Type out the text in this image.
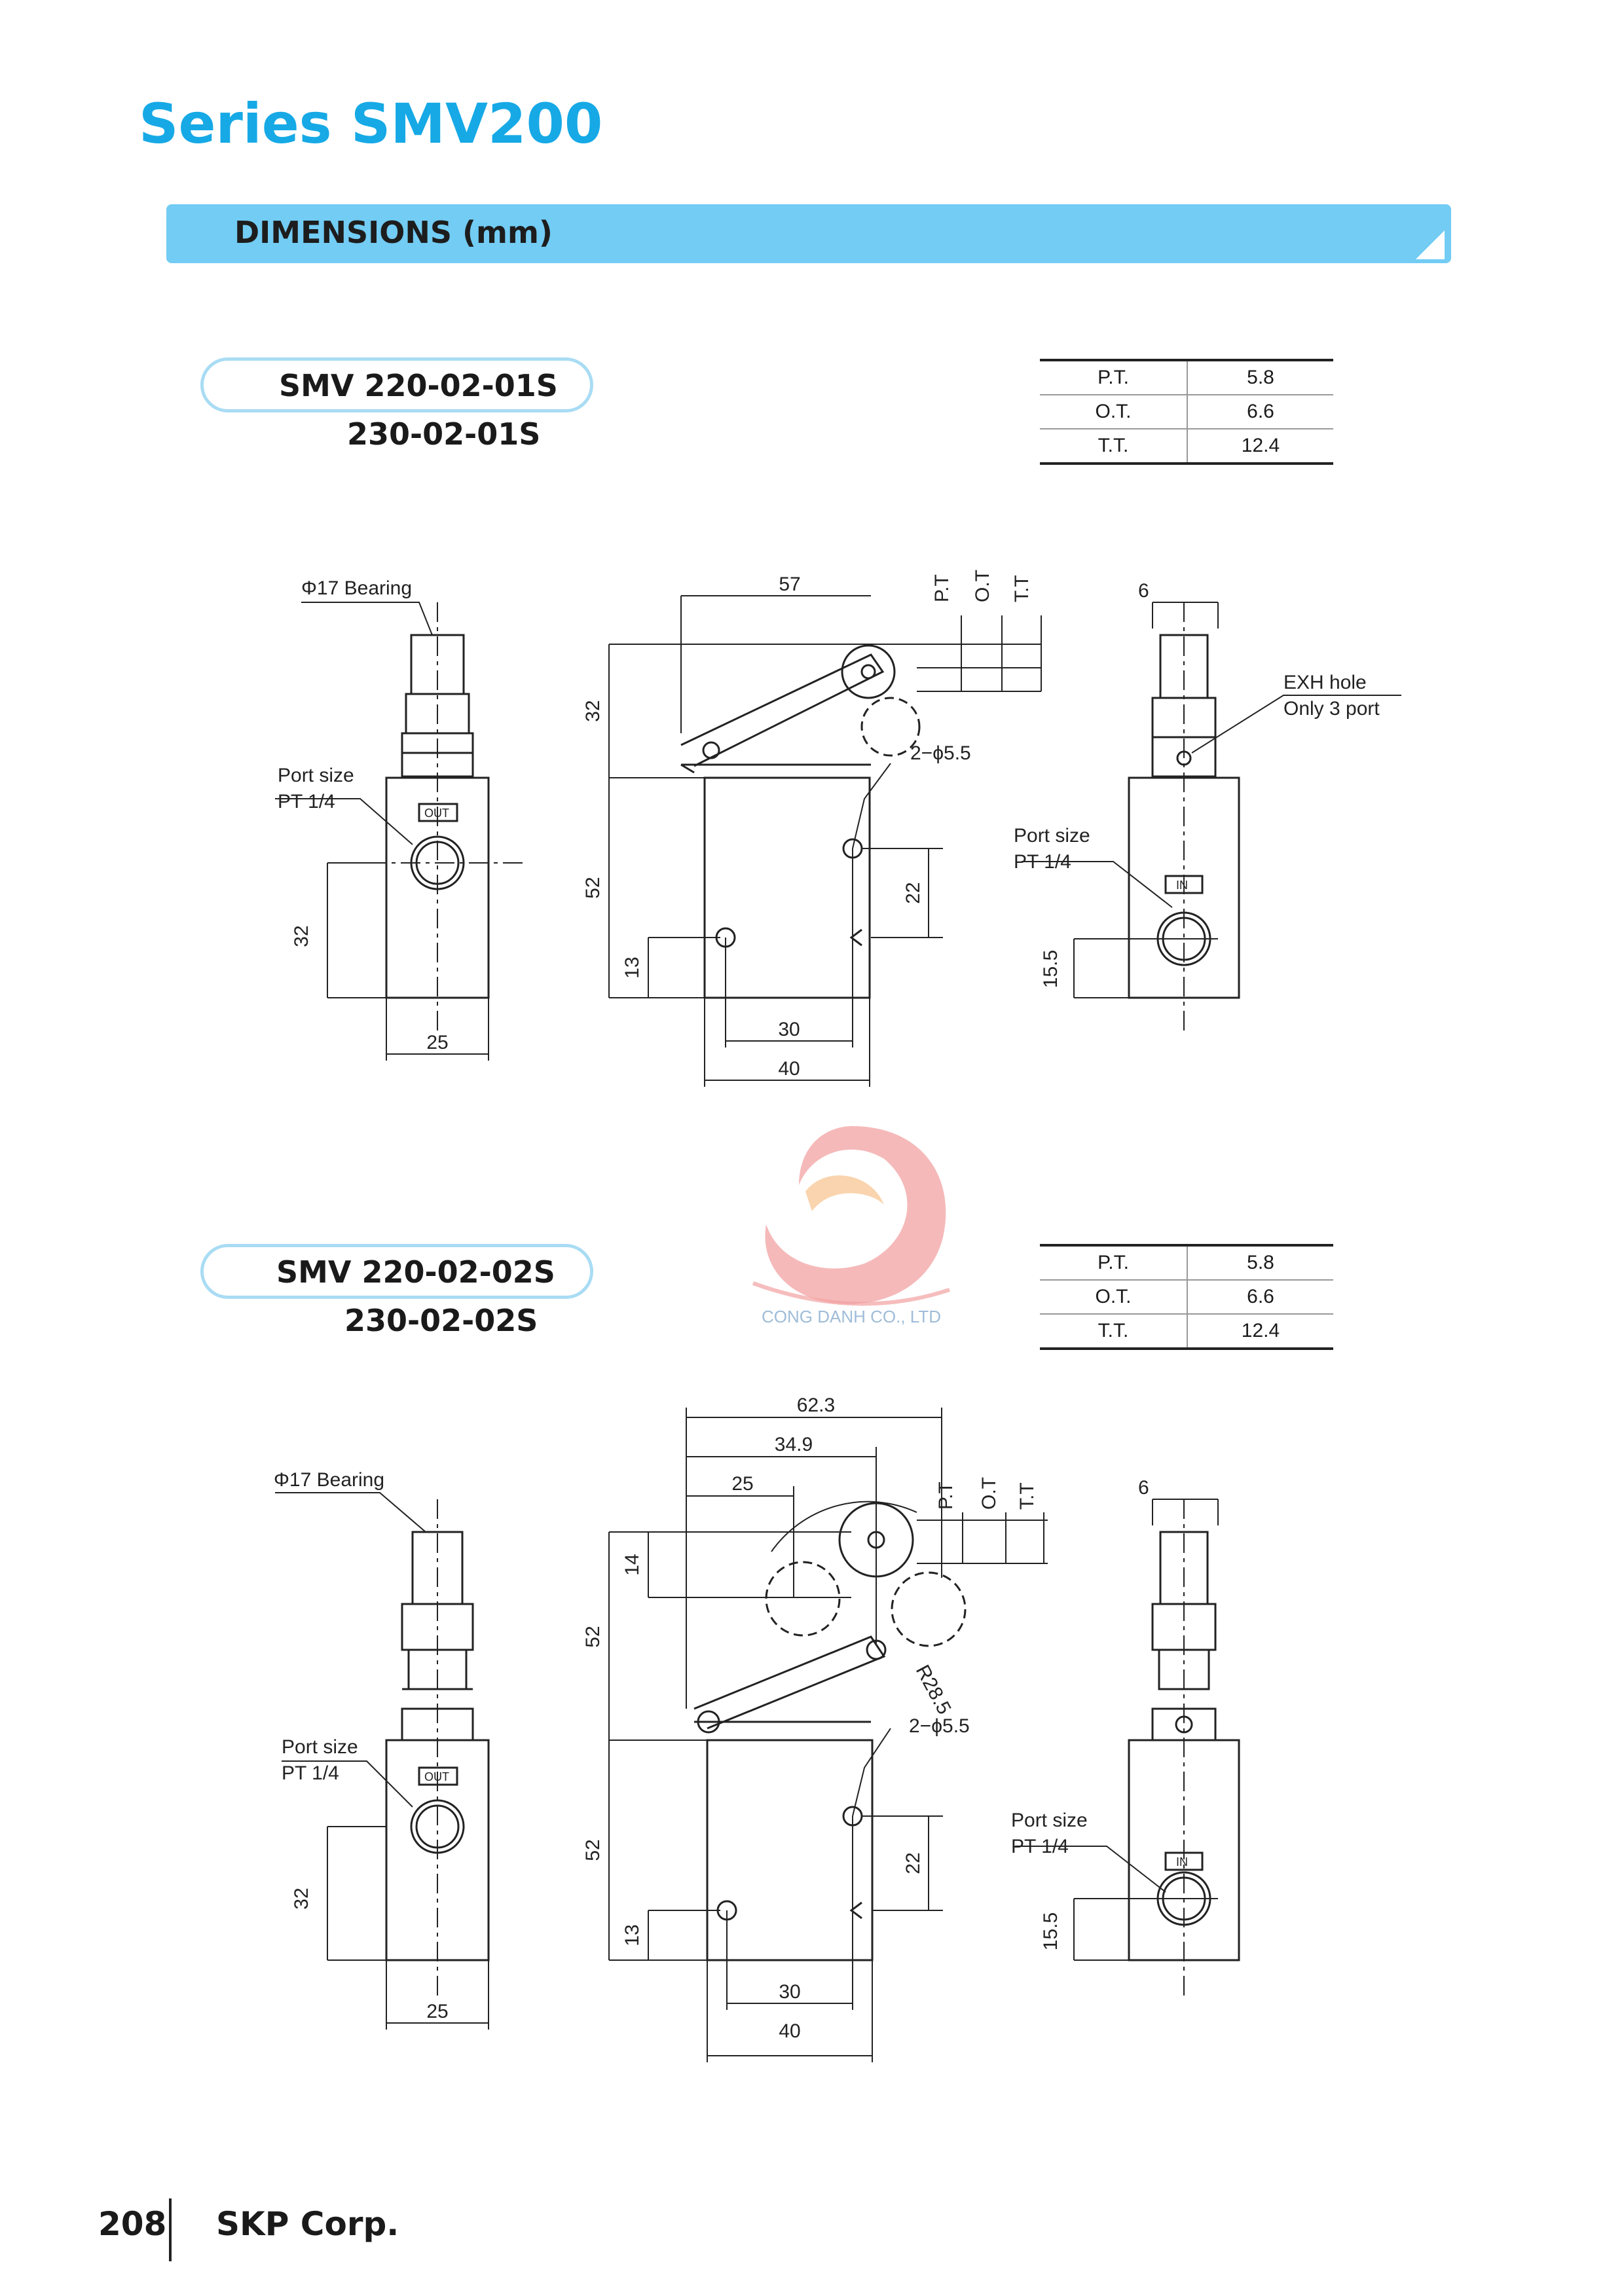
Series SMV200
DIMENSIONS (mm)
SMV 220-02-01S
230-02-01S
P.T.	5.8
O.T.	6.6
T.T.	12.4
Φ17 Bearing
Port size
PT 1/4
OUT
32
25
57
32
52
13
22
30
40
2−ϕ5.5
P.T O.T T.T	6
EXH hole
Only 3 port
Port size
PT 1/4
IN
15.5
CONG DANH CO., LTD
SMV 220-02-02S
230-02-02S
P.T.	5.8
O.T.	6.6
T.T.	12.4
Φ17 Bearing
Port size
PT 1/4	OUT
32
25
62.3
34.9
25
14
52
52
13
22
30
40
2−ϕ5.5
R28.5
P.T O.T T.T	6
Port size
PT 1/4
IN
15.5
208 SKP Corp.
